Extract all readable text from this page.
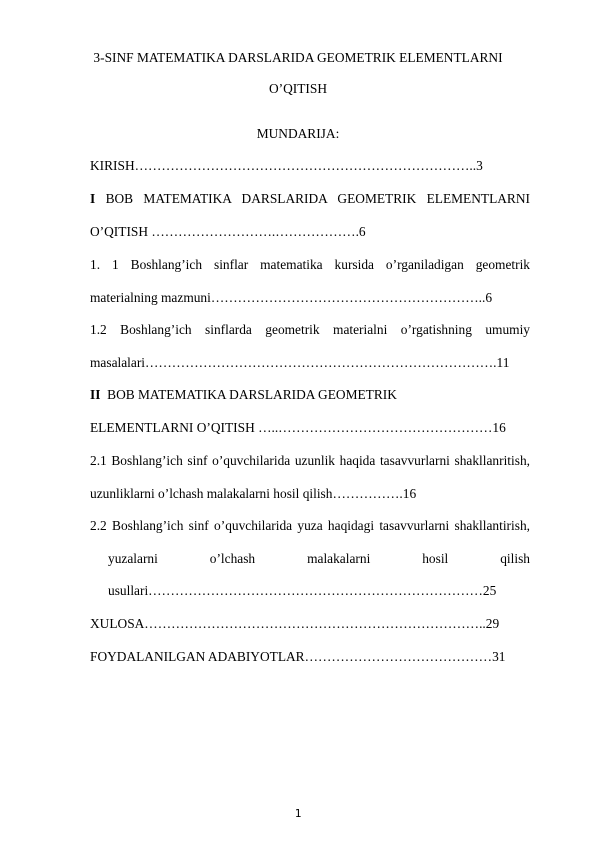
3-SINF MATEMATIKA DARSLARIDA GEOMETRIK ELEMENTLARNI
O’QITISH
MUNDARIJA:
KIRISH…………………………………………………………………..3
I BOB MATEMATIKA DARSLARIDA GEOMETRIK ELEMENTLARNI
O’QITISH ……………………….……………….6
1. 1 Boshlang’ich sinflar matematika kursida o’rganiladigan geometrik
materialning mazmuni……………………………………………………..6
1.2 Boshlang’ich sinflarda geometrik materialni o’rgatishning umumiy
masalalari…………………………………………………………………….11
II BOB MATEMATIKA DARSLARIDA GEOMETRIK
ELEMENTLARNI O’QITISH …..…………………………………………16
2.1 Boshlang’ich sinf o’quvchilarida uzunlik haqida tasavvurlarni shakllanritish,
uzunliklarni o’lchash malakalarni hosil qilish…………….16
2.2 Boshlang’ich sinf o’quvchilarida yuza haqidagi tasavvurlarni shakllantirish,
yuzalarni o’lchash malakalarni hosil qilish
usullari…………………………………………………………………25
XULOSA…………………………………………………………………..29
FOYDALANILGAN ADABIYOTLAR……………………………………31
1
